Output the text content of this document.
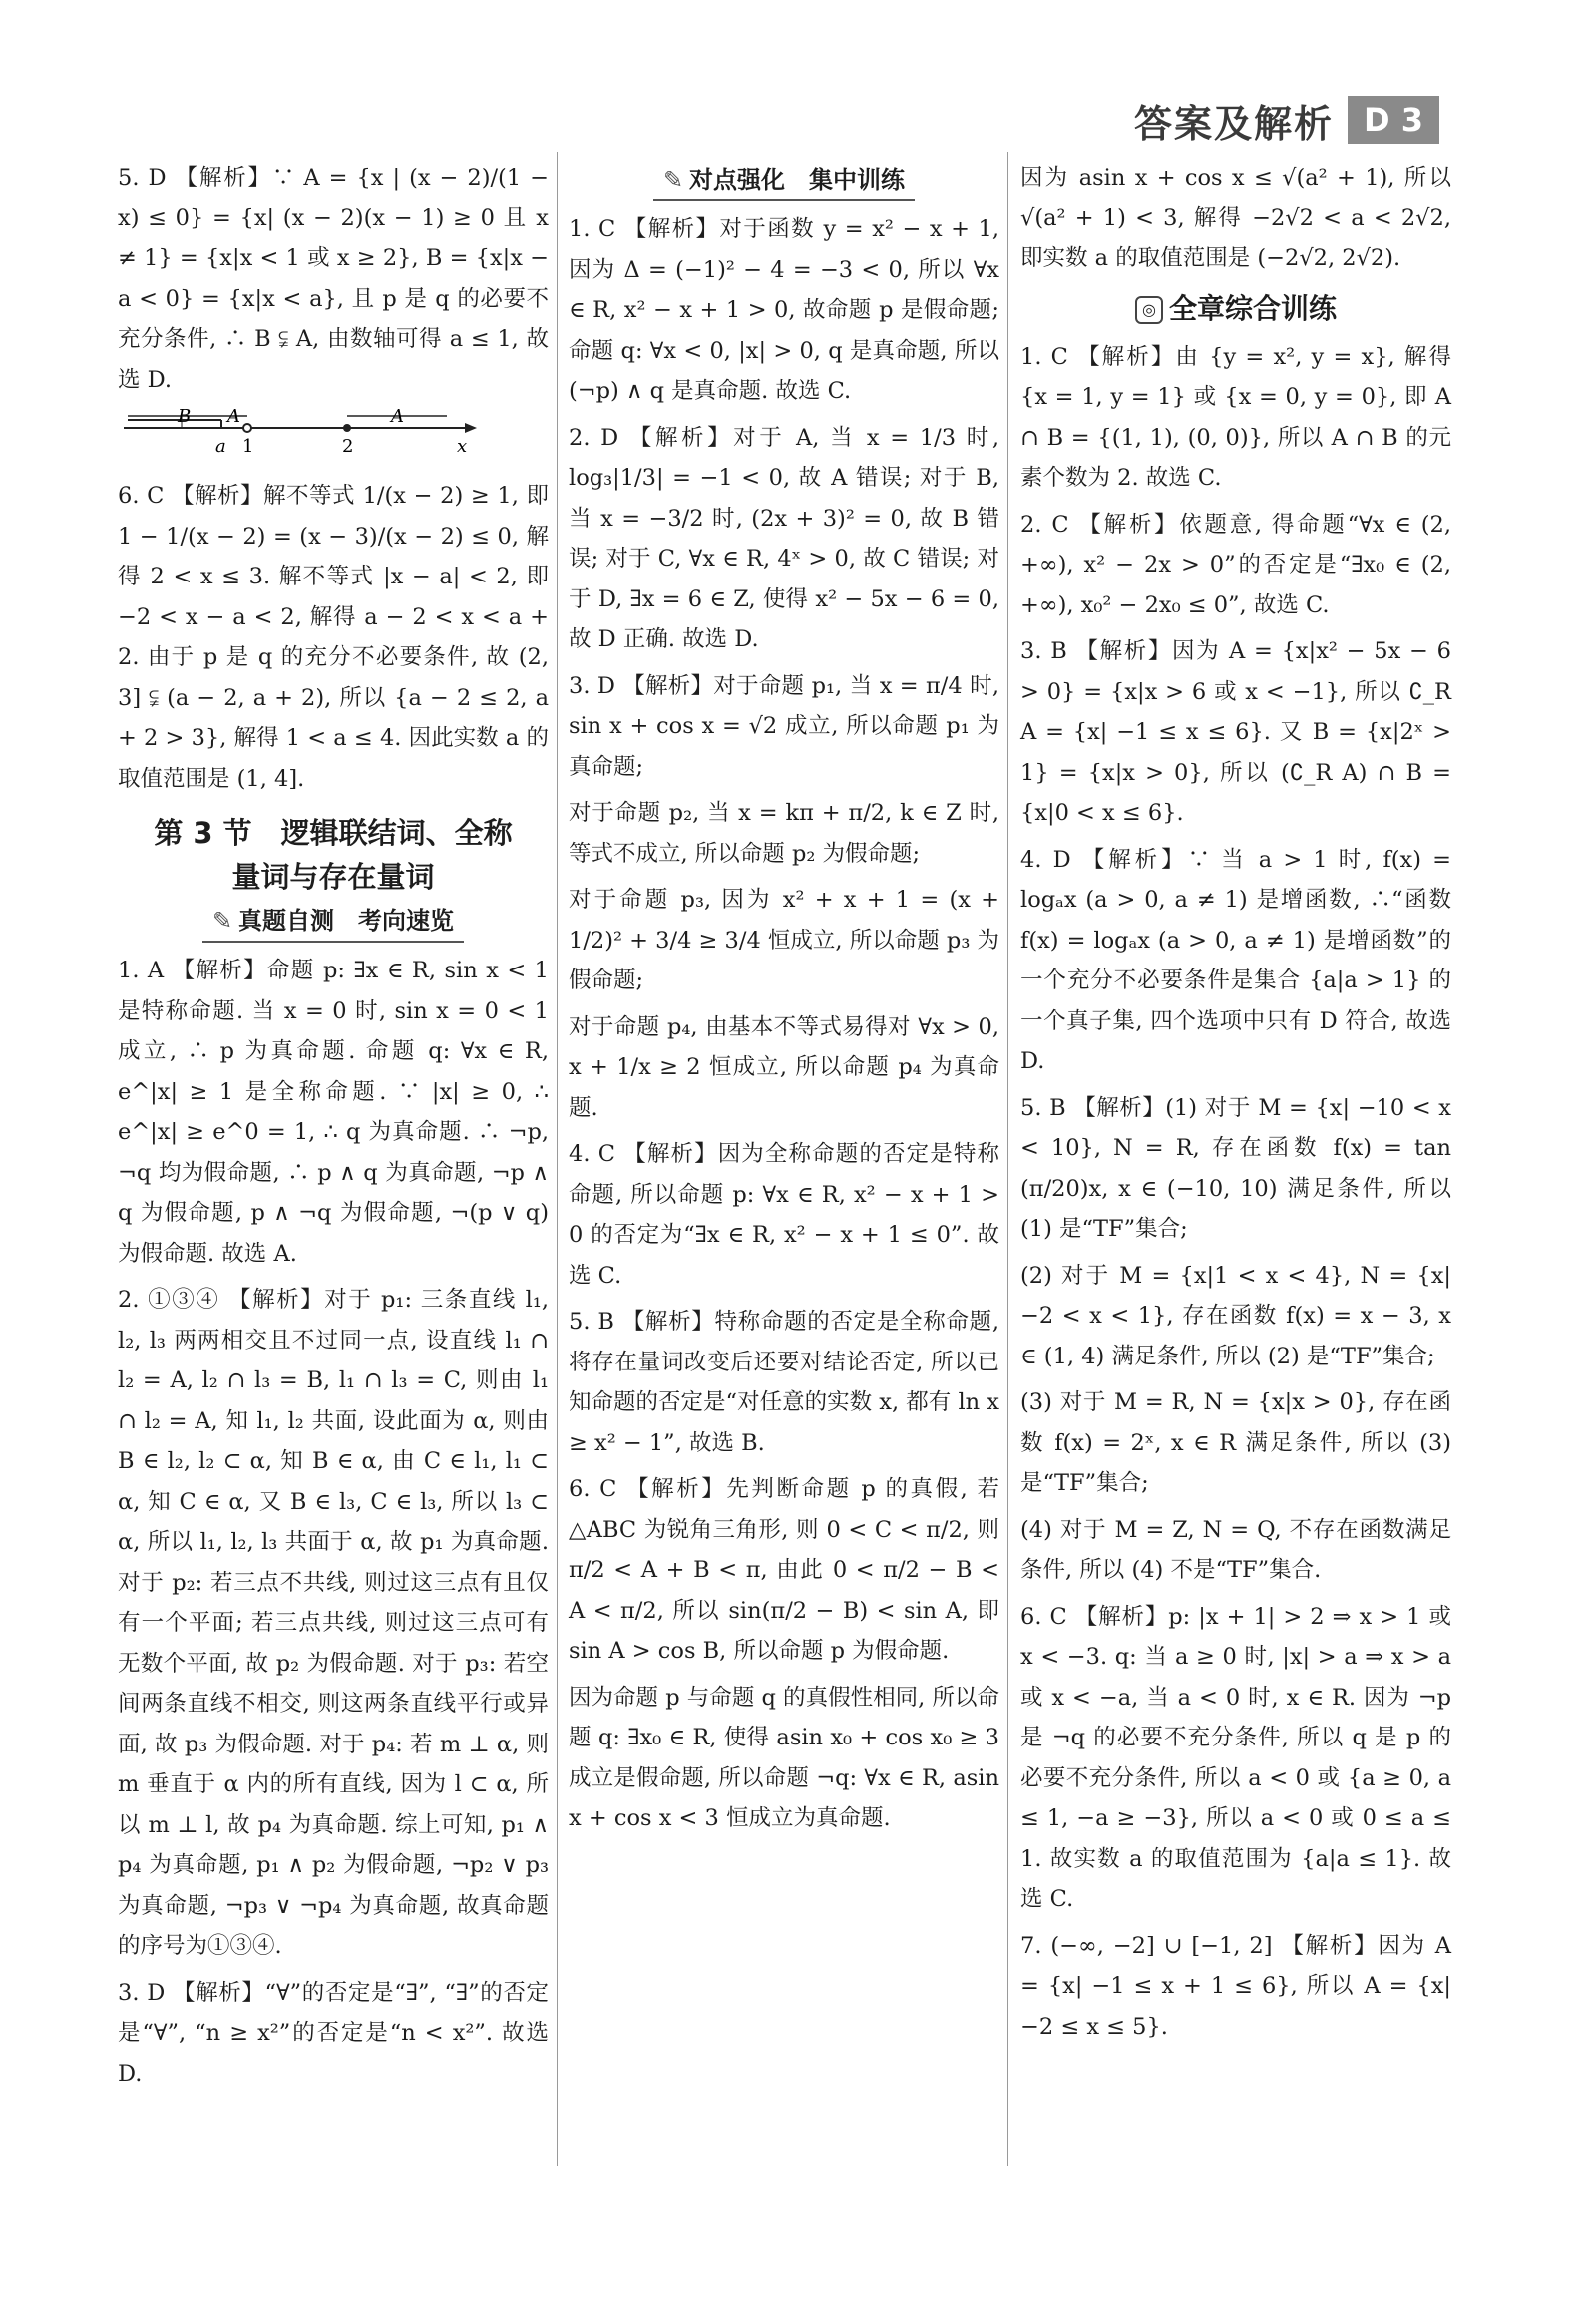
答案及解析 D 3

5. D 【解析】∵ A = {x | (x − 2)/(1 − x) ≤ 0} = {x| (x − 2)(x − 1) ≥ 0 且 x ≠ 1} = {x|x < 1 或 x ≥ 2}, B = {x|x − a < 0} = {x|x < a}, 且 p 是 q 的必要不充分条件, ∴ B ⫋ A, 由数轴可得 a ≤ 1, 故选 D.

B A	A
a 1	2	x

6. C 【解析】解不等式 1/(x − 2) ≥ 1, 即 1 − 1/(x − 2) = (x − 3)/(x − 2) ≤ 0, 解得 2 < x ≤ 3. 解不等式 |x − a| < 2, 即 −2 < x − a < 2, 解得 a − 2 < x < a + 2. 由于 p 是 q 的充分不必要条件, 故 (2, 3] ⫋ (a − 2, a + 2), 所以 {a − 2 ≤ 2, a + 2 > 3}, 解得 1 < a ≤ 4. 因此实数 a 的取值范围是 (1, 4].

第 3 节　逻辑联结词、全称
量词与存在量词
✎ 真题自测　考向速览

1. A 【解析】命题 p: ∃x ∈ R, sin x < 1 是特称命题. 当 x = 0 时, sin x = 0 < 1 成立, ∴ p 为真命题. 命题 q: ∀x ∈ R, e^|x| ≥ 1 是全称命题. ∵ |x| ≥ 0, ∴ e^|x| ≥ e^0 = 1, ∴ q 为真命题. ∴ ¬p, ¬q 均为假命题, ∴ p ∧ q 为真命题, ¬p ∧ q 为假命题, p ∧ ¬q 为假命题, ¬(p ∨ q) 为假命题. 故选 A.

2. ①③④ 【解析】对于 p₁: 三条直线 l₁, l₂, l₃ 两两相交且不过同一点, 设直线 l₁ ∩ l₂ = A, l₂ ∩ l₃ = B, l₁ ∩ l₃ = C, 则由 l₁ ∩ l₂ = A, 知 l₁, l₂ 共面, 设此面为 α, 则由 B ∈ l₂, l₂ ⊂ α, 知 B ∈ α, 由 C ∈ l₁, l₁ ⊂ α, 知 C ∈ α, 又 B ∈ l₃, C ∈ l₃, 所以 l₃ ⊂ α, 所以 l₁, l₂, l₃ 共面于 α, 故 p₁ 为真命题. 对于 p₂: 若三点不共线, 则过这三点有且仅有一个平面; 若三点共线, 则过这三点可有无数个平面, 故 p₂ 为假命题. 对于 p₃: 若空间两条直线不相交, 则这两条直线平行或异面, 故 p₃ 为假命题. 对于 p₄: 若 m ⊥ α, 则 m 垂直于 α 内的所有直线, 因为 l ⊂ α, 所以 m ⊥ l, 故 p₄ 为真命题. 综上可知, p₁ ∧ p₄ 为真命题, p₁ ∧ p₂ 为假命题, ¬p₂ ∨ p₃ 为真命题, ¬p₃ ∨ ¬p₄ 为真命题, 故真命题的序号为①③④.

3. D 【解析】“∀”的否定是“∃”, “∃”的否定是“∀”, “n ≥ x²”的否定是“n < x²”. 故选 D.

✎ 对点强化　集中训练

1. C 【解析】对于函数 y = x² − x + 1, 因为 Δ = (−1)² − 4 = −3 < 0, 所以 ∀x ∈ R, x² − x + 1 > 0, 故命题 p 是假命题; 命题 q: ∀x < 0, |x| > 0, q 是真命题, 所以 (¬p) ∧ q 是真命题. 故选 C.

2. D 【解析】对于 A, 当 x = 1/3 时, log₃|1/3| = −1 < 0, 故 A 错误; 对于 B, 当 x = −3/2 时, (2x + 3)² = 0, 故 B 错误; 对于 C, ∀x ∈ R, 4ˣ > 0, 故 C 错误; 对于 D, ∃x = 6 ∈ Z, 使得 x² − 5x − 6 = 0, 故 D 正确. 故选 D.

3. D 【解析】对于命题 p₁, 当 x = π/4 时, sin x + cos x = √2 成立, 所以命题 p₁ 为真命题;

对于命题 p₂, 当 x = kπ + π/2, k ∈ Z 时, 等式不成立, 所以命题 p₂ 为假命题;

对于命题 p₃, 因为 x² + x + 1 = (x + 1/2)² + 3/4 ≥ 3/4 恒成立, 所以命题 p₃ 为假命题;

对于命题 p₄, 由基本不等式易得对 ∀x > 0, x + 1/x ≥ 2 恒成立, 所以命题 p₄ 为真命题.

4. C 【解析】因为全称命题的否定是特称命题, 所以命题 p: ∀x ∈ R, x² − x + 1 > 0 的否定为“∃x ∈ R, x² − x + 1 ≤ 0”. 故选 C.

5. B 【解析】特称命题的否定是全称命题, 将存在量词改变后还要对结论否定, 所以已知命题的否定是“对任意的实数 x, 都有 ln x ≥ x² − 1”, 故选 B.

6. C 【解析】先判断命题 p 的真假, 若 △ABC 为锐角三角形, 则 0 < C < π/2, 则 π/2 < A + B < π, 由此 0 < π/2 − B < A < π/2, 所以 sin(π/2 − B) < sin A, 即 sin A > cos B, 所以命题 p 为假命题.

因为命题 p 与命题 q 的真假性相同, 所以命题 q: ∃x₀ ∈ R, 使得 asin x₀ + cos x₀ ≥ 3 成立是假命题, 所以命题 ¬q: ∀x ∈ R, asin x + cos x < 3 恒成立为真命题.

因为 asin x + cos x ≤ √(a² + 1), 所以 √(a² + 1) < 3, 解得 −2√2 < a < 2√2, 即实数 a 的取值范围是 (−2√2, 2√2).

◎ 全章综合训练

1. C 【解析】由 {y = x², y = x}, 解得 {x = 1, y = 1} 或 {x = 0, y = 0}, 即 A ∩ B = {(1, 1), (0, 0)}, 所以 A ∩ B 的元素个数为 2. 故选 C.

2. C 【解析】依题意, 得命题“∀x ∈ (2, +∞), x² − 2x > 0”的否定是“∃x₀ ∈ (2, +∞), x₀² − 2x₀ ≤ 0”, 故选 C.

3. B 【解析】因为 A = {x|x² − 5x − 6 > 0} = {x|x > 6 或 x < −1}, 所以 ∁_R A = {x| −1 ≤ x ≤ 6}. 又 B = {x|2ˣ > 1} = {x|x > 0}, 所以 (∁_R A) ∩ B = {x|0 < x ≤ 6}.

4. D 【解析】∵ 当 a > 1 时, f(x) = logₐx (a > 0, a ≠ 1) 是增函数, ∴“函数 f(x) = logₐx (a > 0, a ≠ 1) 是增函数”的一个充分不必要条件是集合 {a|a > 1} 的一个真子集, 四个选项中只有 D 符合, 故选 D.

5. B 【解析】(1) 对于 M = {x| −10 < x < 10}, N = R, 存在函数 f(x) = tan (π/20)x, x ∈ (−10, 10) 满足条件, 所以 (1) 是“TF”集合;

(2) 对于 M = {x|1 < x < 4}, N = {x| −2 < x < 1}, 存在函数 f(x) = x − 3, x ∈ (1, 4) 满足条件, 所以 (2) 是“TF”集合;

(3) 对于 M = R, N = {x|x > 0}, 存在函数 f(x) = 2ˣ, x ∈ R 满足条件, 所以 (3) 是“TF”集合;

(4) 对于 M = Z, N = Q, 不存在函数满足条件, 所以 (4) 不是“TF”集合.

6. C 【解析】p: |x + 1| > 2 ⇒ x > 1 或 x < −3. q: 当 a ≥ 0 时, |x| > a ⇒ x > a 或 x < −a, 当 a < 0 时, x ∈ R. 因为 ¬p 是 ¬q 的必要不充分条件, 所以 q 是 p 的必要不充分条件, 所以 a < 0 或 {a ≥ 0, a ≤ 1, −a ≥ −3}, 所以 a < 0 或 0 ≤ a ≤ 1. 故实数 a 的取值范围为 {a|a ≤ 1}. 故选 C.

7. (−∞, −2] ∪ [−1, 2] 【解析】因为 A = {x| −1 ≤ x + 1 ≤ 6}, 所以 A = {x| −2 ≤ x ≤ 5}.
